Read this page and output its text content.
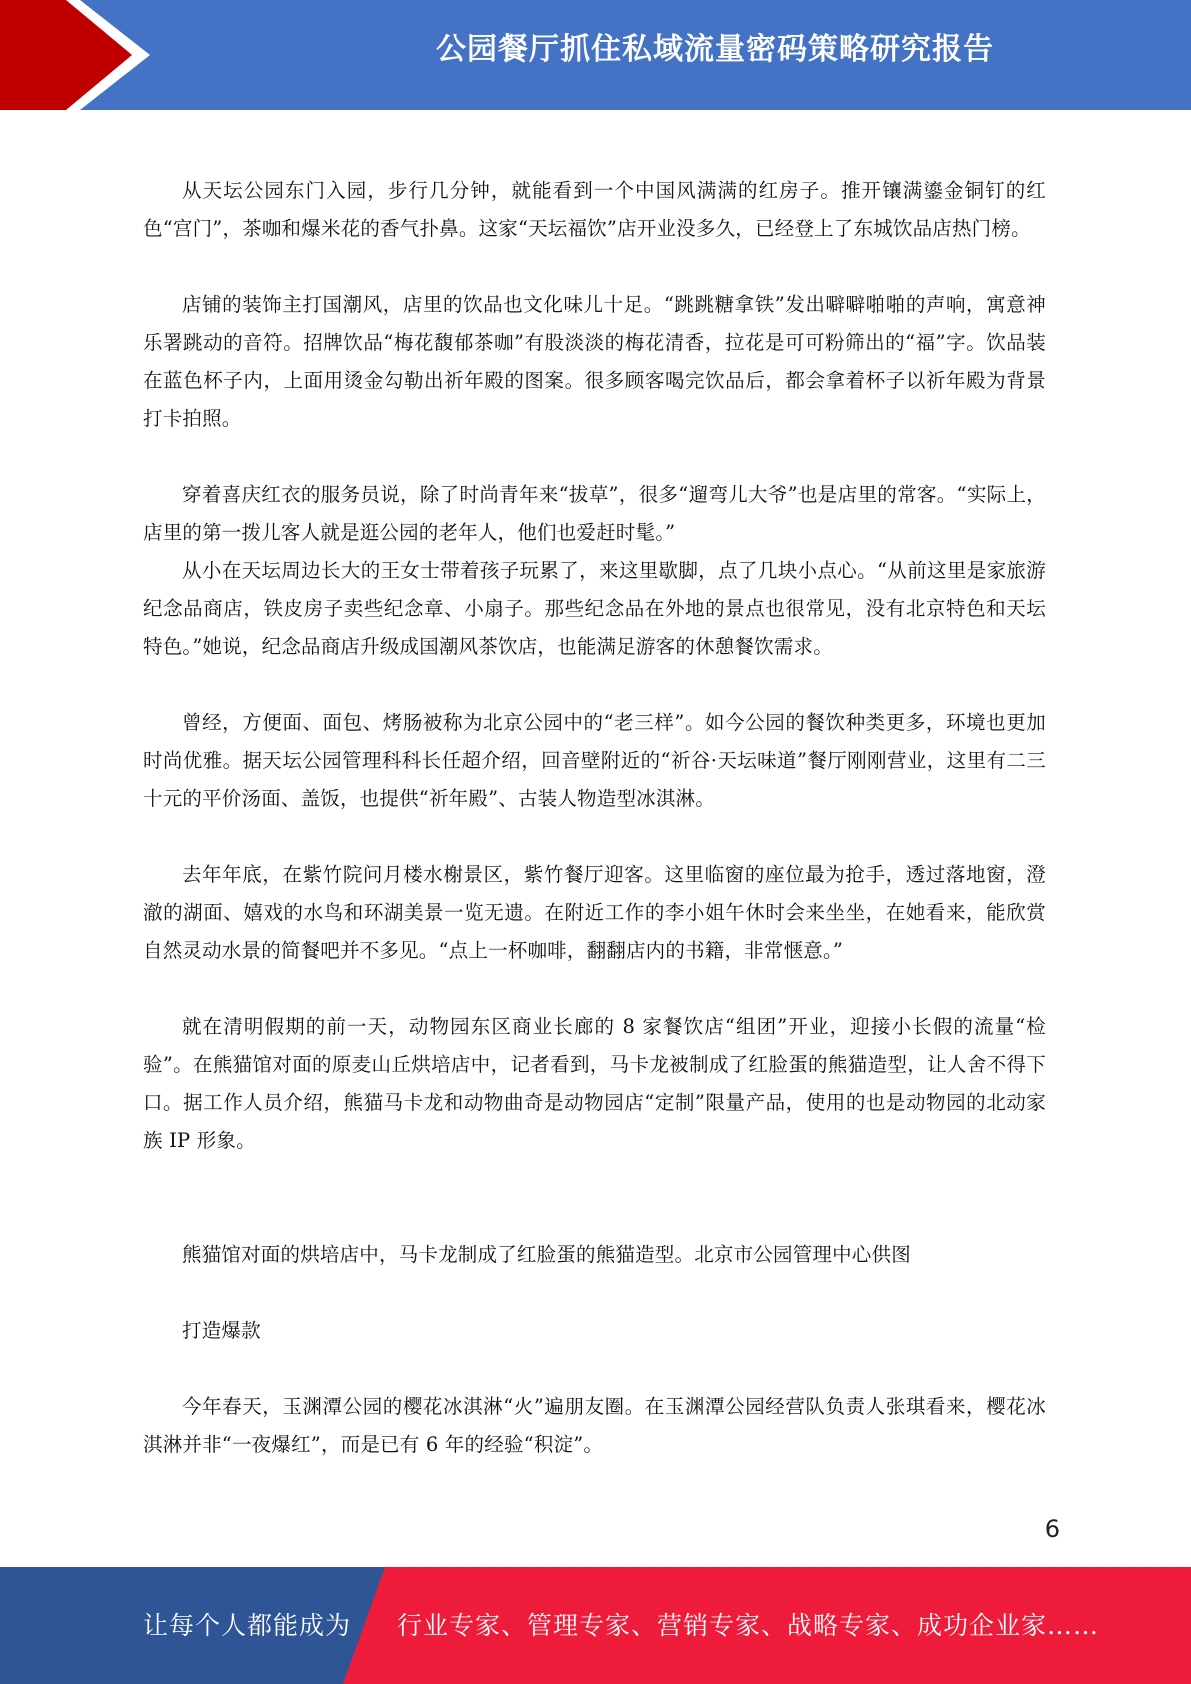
公园餐厅抓住私域流量密码策略研究报告

从天坛公园东门入园，步行几分钟，就能看到一个中国风满满的红房子。推开镶满鎏金铜钉的红色“宫门”，茶咖和爆米花的香气扑鼻。这家“天坛福饮”店开业没多久，已经登上了东城饮品店热门榜。

店铺的装饰主打国潮风，店里的饮品也文化味儿十足。“跳跳糖拿铁”发出噼噼啪啪的声响，寓意神乐署跳动的音符。招牌饮品“梅花馥郁茶咖”有股淡淡的梅花清香，拉花是可可粉筛出的“福”字。饮品装在蓝色杯子内，上面用烫金勾勒出祈年殿的图案。很多顾客喝完饮品后，都会拿着杯子以祈年殿为背景打卡拍照。

穿着喜庆红衣的服务员说，除了时尚青年来“拔草”，很多“遛弯儿大爷”也是店里的常客。“实际上，店里的第一拨儿客人就是逛公园的老年人，他们也爱赶时髦。”

从小在天坛周边长大的王女士带着孩子玩累了，来这里歇脚，点了几块小点心。“从前这里是家旅游纪念品商店，铁皮房子卖些纪念章、小扇子。那些纪念品在外地的景点也很常见，没有北京特色和天坛特色。”她说，纪念品商店升级成国潮风茶饮店，也能满足游客的休憩餐饮需求。

曾经，方便面、面包、烤肠被称为北京公园中的“老三样”。如今公园的餐饮种类更多，环境也更加时尚优雅。据天坛公园管理科科长任超介绍，回音壁附近的“祈谷·天坛味道”餐厅刚刚营业，这里有二三十元的平价汤面、盖饭，也提供“祈年殿”、古装人物造型冰淇淋。

去年年底，在紫竹院问月楼水榭景区，紫竹餐厅迎客。这里临窗的座位最为抢手，透过落地窗，澄澈的湖面、嬉戏的水鸟和环湖美景一览无遗。在附近工作的李小姐午休时会来坐坐，在她看来，能欣赏自然灵动水景的简餐吧并不多见。“点上一杯咖啡，翻翻店内的书籍，非常惬意。”

就在清明假期的前一天，动物园东区商业长廊的 8 家餐饮店“组团”开业，迎接小长假的流量“检验”。在熊猫馆对面的原麦山丘烘培店中，记者看到，马卡龙被制成了红脸蛋的熊猫造型，让人舍不得下口。据工作人员介绍，熊猫马卡龙和动物曲奇是动物园店“定制”限量产品，使用的也是动物园的北动家族 IP 形象。

熊猫馆对面的烘培店中，马卡龙制成了红脸蛋的熊猫造型。北京市公园管理中心供图

打造爆款

今年春天，玉渊潭公园的樱花冰淇淋“火”遍朋友圈。在玉渊潭公园经营队负责人张琪看来，樱花冰淇淋并非“一夜爆红”，而是已有 6 年的经验“积淀”。

6
让每个人都能成为 行业专家、管理专家、营销专家、战略专家、成功企业家……
